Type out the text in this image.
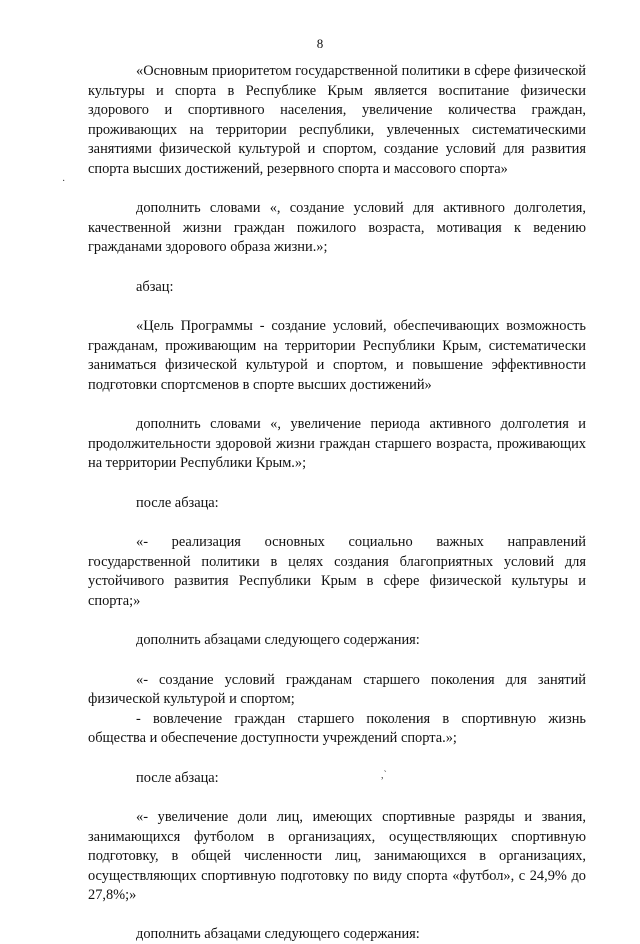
8

«Основным приоритетом государственной политики в сфере физической культуры и спорта в Республике Крым является воспитание физически здорового и спортивного населения, увеличение количества граждан, проживающих на территории республики, увлеченных систематическими занятиями физической культурой и спортом, создание условий для развития спорта высших достижений, резервного спорта и массового спорта»

дополнить словами «, создание условий для активного долголетия, качественной жизни граждан пожилого возраста, мотивация к ведению гражданами здорового образа жизни.»;

абзац:

«Цель Программы - создание условий, обеспечивающих возможность гражданам, проживающим на территории Республики Крым, систематически заниматься физической культурой и спортом, и повышение эффективности подготовки спортсменов в спорте высших достижений»

дополнить словами «, увеличение периода активного долголетия и продолжительности здоровой жизни граждан старшего возраста, проживающих на территории Республики Крым.»;

после абзаца:

«- реализация основных социально важных направлений государственной политики в целях создания благоприятных условий для устойчивого развития Республики Крым в сфере физической культуры и спорта;»

дополнить абзацами следующего содержания:

«- создание условий гражданам старшего поколения для занятий физической культурой и спортом;

- вовлечение граждан старшего поколения в спортивную жизнь общества и обеспечение доступности учреждений спорта.»;

после абзаца:

«- увеличение доли лиц, имеющих спортивные разряды и звания, занимающихся футболом в организациях, осуществляющих спортивную подготовку, в общей численности лиц, занимающихся в организациях, осуществляющих спортивную подготовку по виду спорта «футбол», с 24,9% до 27,8%;»

дополнить абзацами следующего содержания:

·
,`
